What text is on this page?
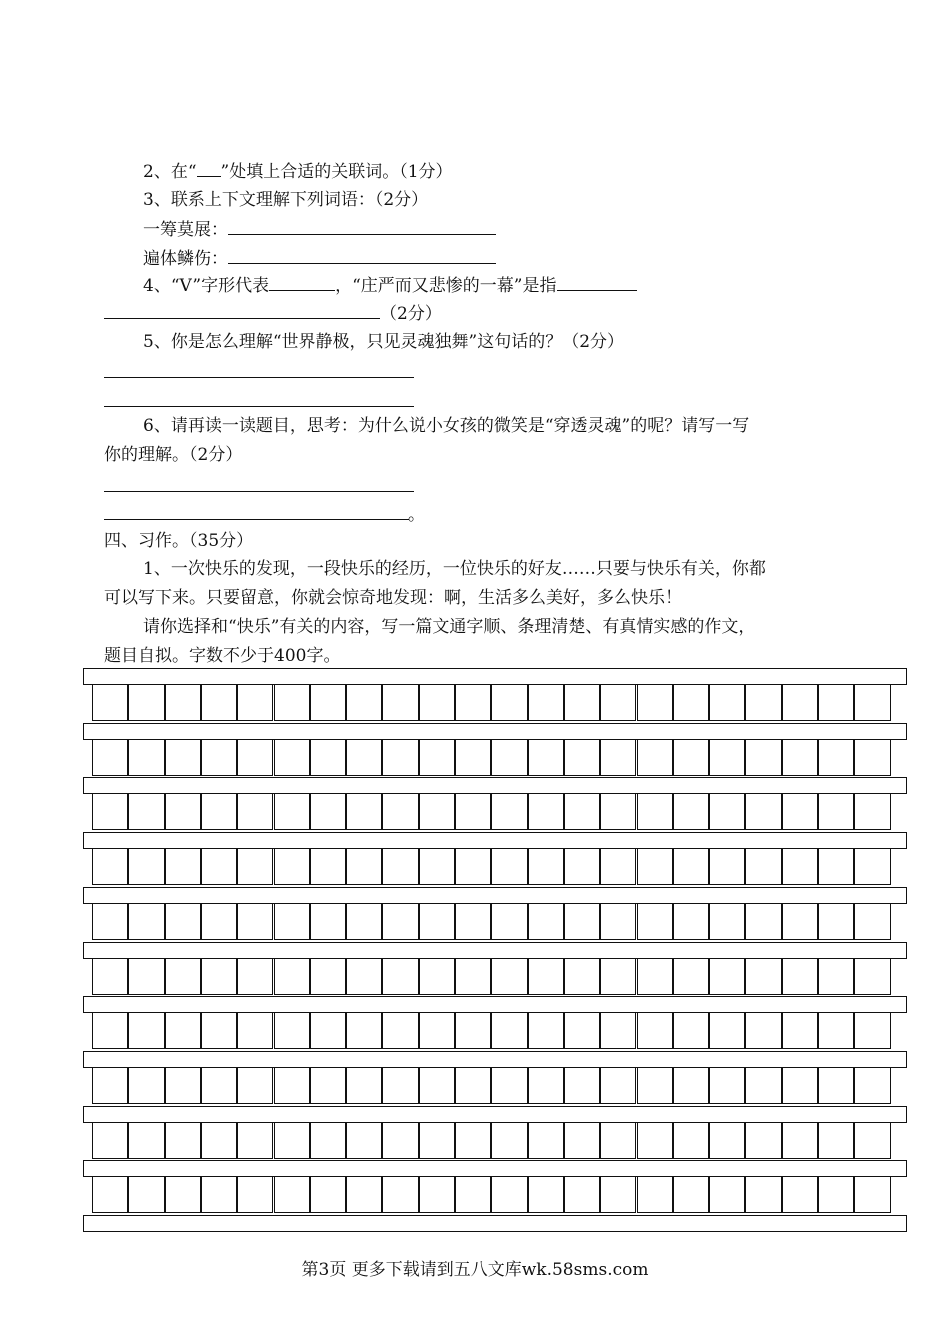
2、在“ ”处填上合适的关联词。（1分）
3、联系上下文理解下列词语：（2分）
一筹莫展：
遍体鳞伤：
4、“V”字形代表	，“庄严而又悲惨的一幕”是指
（2分）
5、你是怎么理解“世界静极，只见灵魂独舞”这句话的？（2分）
6、请再读一读题目，思考：为什么说小女孩的微笑是“穿透灵魂”的呢？请写一写
你的理解。（2分）
。
四、习作。（35分）
1、一次快乐的发现，一段快乐的经历，一位快乐的好友……只要与快乐有关，你都
可以写下来。只要留意，你就会惊奇地发现：啊，生活多么美好，多么快乐！
请你选择和“快乐”有关的内容，写一篇文通字顺、条理清楚、有真情实感的作文，
题目自拟。字数不少于400字。
第3页 更多下载请到五八文库wk.58sms.com
